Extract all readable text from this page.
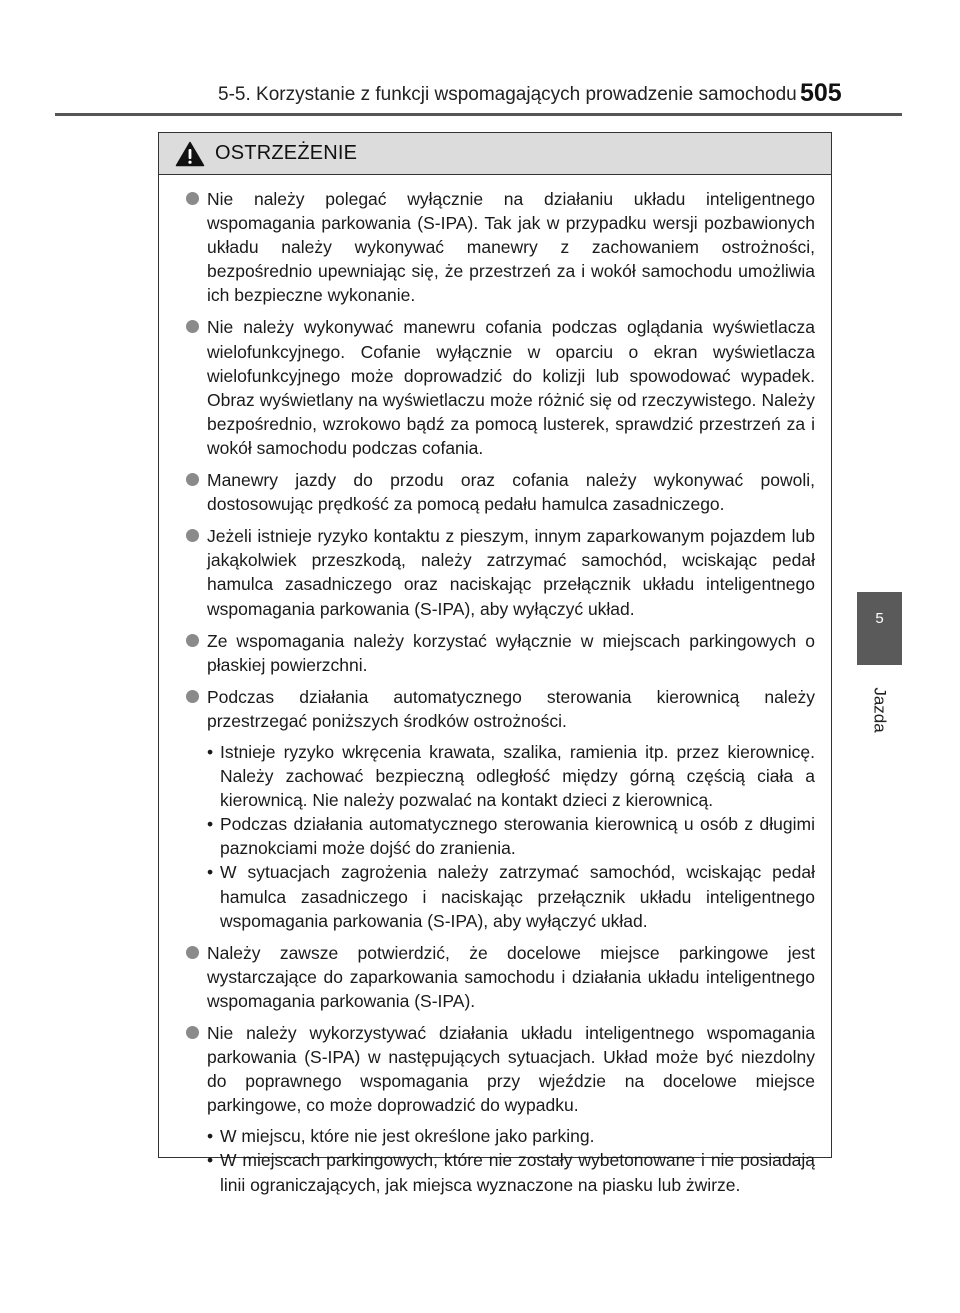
5-5. Korzystanie z funkcji wspomagających prowadzenie samochodu 505
5
Jazda
OSTRZEŻENIE
Nie należy polegać wyłącznie na działaniu układu inteligentnego wspomagania parkowania (S-IPA). Tak jak w przypadku wersji pozbawionych układu należy wykonywać manewry z zachowaniem ostrożności, bezpośrednio upewniając się, że przestrzeń za i wokół samochodu umożliwia ich bezpieczne wykonanie.
Nie należy wykonywać manewru cofania podczas oglądania wyświetlacza wielofunkcyjnego. Cofanie wyłącznie w oparciu o ekran wyświetlacza wielofunkcyjnego może doprowadzić do kolizji lub spowodować wypadek. Obraz wyświetlany na wyświetlaczu może różnić się od rzeczywistego. Należy bezpośrednio, wzrokowo bądź za pomocą lusterek, sprawdzić przestrzeń za i wokół samochodu podczas cofania.
Manewry jazdy do przodu oraz cofania należy wykonywać powoli, dostosowując prędkość za pomocą pedału hamulca zasadniczego.
Jeżeli istnieje ryzyko kontaktu z pieszym, innym zaparkowanym pojazdem lub jakąkolwiek przeszkodą, należy zatrzymać samochód, wciskając pedał hamulca zasadniczego oraz naciskając przełącznik układu inteligentnego wspomagania parkowania (S-IPA), aby wyłączyć układ.
Ze wspomagania należy korzystać wyłącznie w miejscach parkingowych o płaskiej powierzchni.
Podczas działania automatycznego sterowania kierownicą należy przestrzegać poniższych środków ostrożności.
• Istnieje ryzyko wkręcenia krawata, szalika, ramienia itp. przez kierownicę. Należy zachować bezpieczną odległość między górną częścią ciała a kierownicą. Nie należy pozwalać na kontakt dzieci z kierownicą.
• Podczas działania automatycznego sterowania kierownicą u osób z długimi paznokciami może dojść do zranienia.
• W sytuacjach zagrożenia należy zatrzymać samochód, wciskając pedał hamulca zasadniczego i naciskając przełącznik układu inteligentnego wspomagania parkowania (S-IPA), aby wyłączyć układ.
Należy zawsze potwierdzić, że docelowe miejsce parkingowe jest wystarczające do zaparkowania samochodu i działania układu inteligentnego wspomagania parkowania (S-IPA).
Nie należy wykorzystywać działania układu inteligentnego wspomagania parkowania (S-IPA) w następujących sytuacjach. Układ może być niezdolny do poprawnego wspomagania przy wjeździe na docelowe miejsce parkingowe, co może doprowadzić do wypadku.
• W miejscu, które nie jest określone jako parking.
• W miejscach parkingowych, które nie zostały wybetonowane i nie posiadają linii ograniczających, jak miejsca wyznaczone na piasku lub żwirze.
